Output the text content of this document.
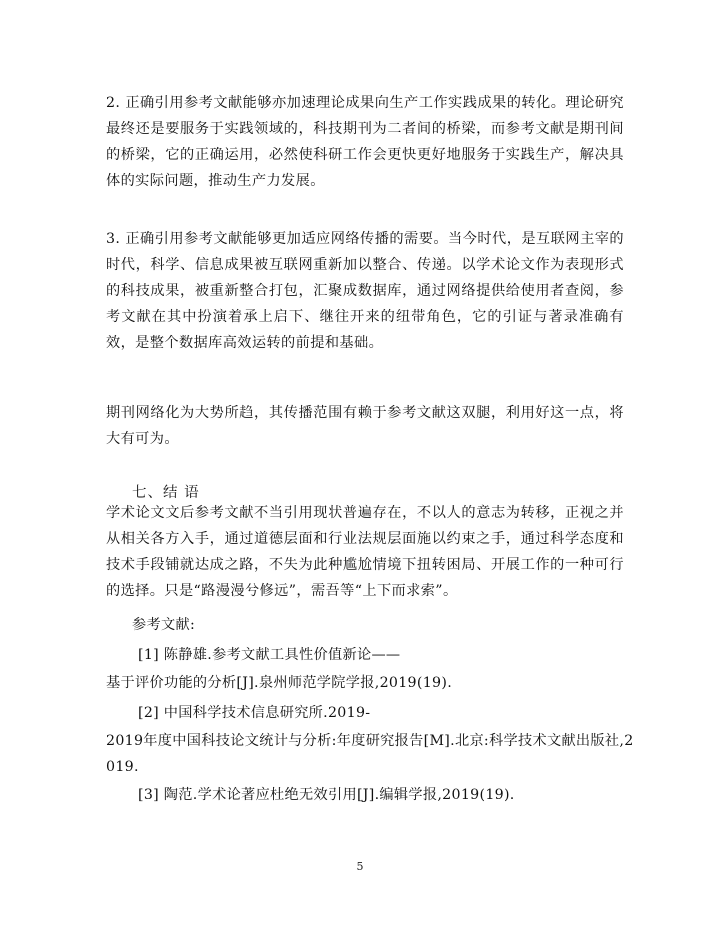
2. 正确引用参考文献能够亦加速理论成果向生产工作实践成果的转化。理论研究最终还是要服务于实践领域的，科技期刊为二者间的桥梁，而参考文献是期刊间的桥梁，它的正确运用，必然使科研工作会更快更好地服务于实践生产，解决具体的实际问题，推动生产力发展。

3. 正确引用参考文献能够更加适应网络传播的需要。当今时代，是互联网主宰的时代，科学、信息成果被互联网重新加以整合、传递。以学术论文作为表现形式的科技成果，被重新整合打包，汇聚成数据库，通过网络提供给使用者查阅，参考文献在其中扮演着承上启下、继往开来的纽带角色，它的引证与著录准确有效，是整个数据库高效运转的前提和基础。

期刊网络化为大势所趋，其传播范围有赖于参考文献这双腿，利用好这一点，将大有可为。

七、结 语

学术论文文后参考文献不当引用现状普遍存在，不以人的意志为转移，正视之并从相关各方入手，通过道德层面和行业法规层面施以约束之手，通过科学态度和技术手段铺就达成之路，不失为此种尴尬情境下扭转困局、开展工作的一种可行的选择。只是“路漫漫兮修远”，需吾等“上下而求索”。

参考文献:

[1] 陈静雄.参考文献工具性价值新论——

基于评价功能的分析[J].泉州师范学院学报,2019(19).

[2] 中国科学技术信息研究所.2019-

2019年度中国科技论文统计与分析:年度研究报告[M].北京:科学技术文献出版社,2

019.

[3] 陶范.学术论著应杜绝无效引用[J].编辑学报,2019(19).

5
